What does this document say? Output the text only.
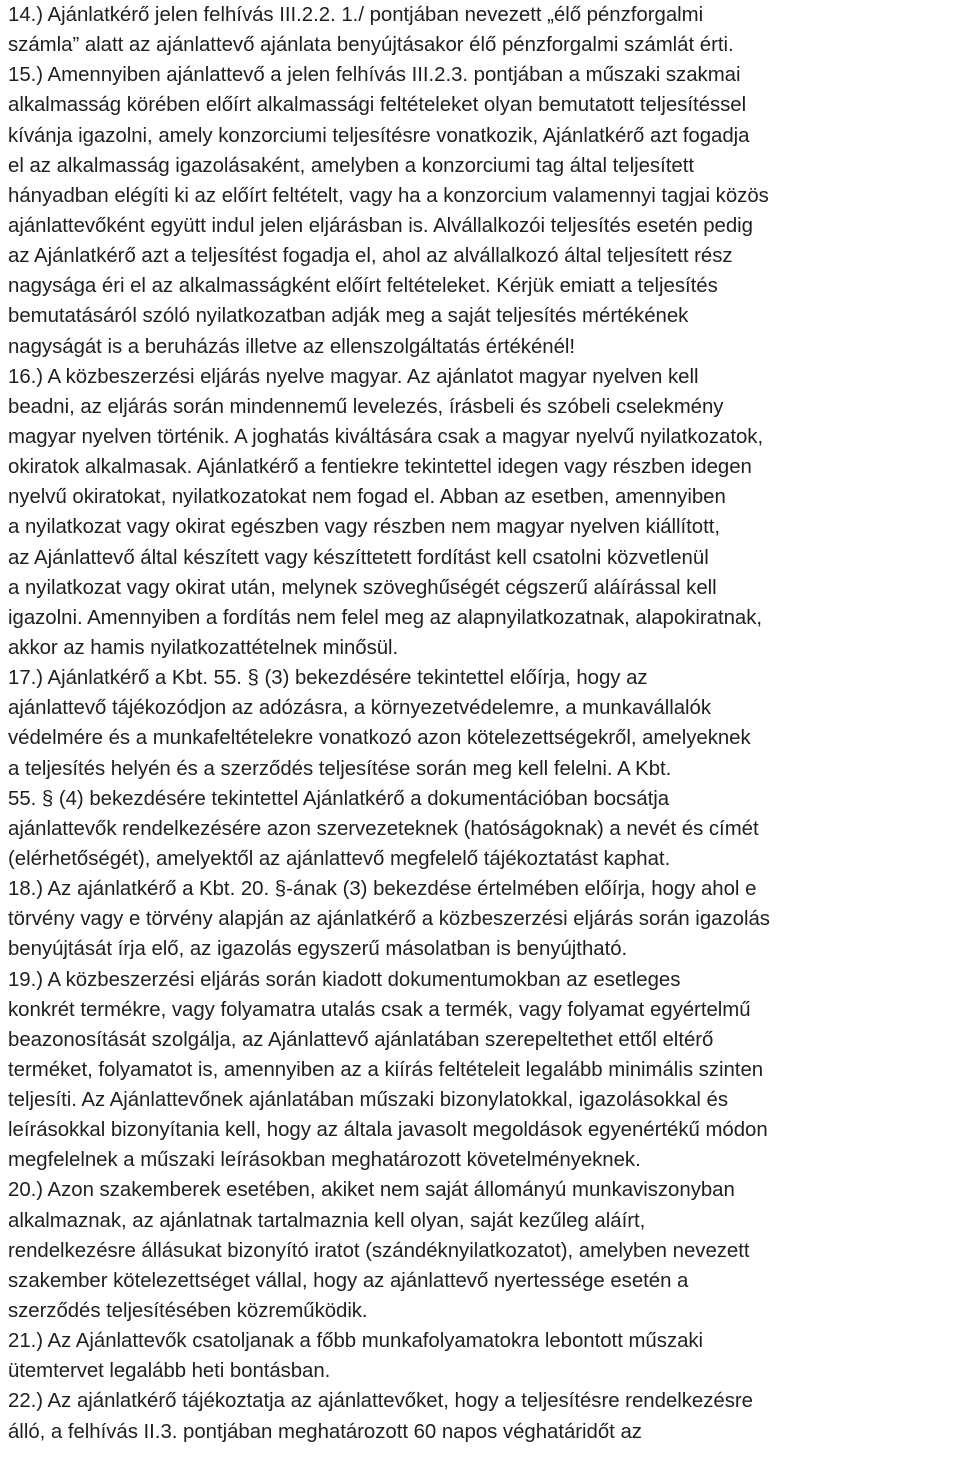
14.) Ajánlatkérő jelen felhívás III.2.2. 1./ pontjában nevezett „élő pénzforgalmi
számla” alatt az ajánlattevő ajánlata benyújtásakor élő pénzforgalmi számlát érti.
15.) Amennyiben ajánlattevő a jelen felhívás III.2.3. pontjában a műszaki szakmai
alkalmasság körében előírt alkalmassági feltételeket olyan bemutatott teljesítéssel
kívánja igazolni, amely konzorciumi teljesítésre vonatkozik, Ajánlatkérő azt fogadja
el az alkalmasság igazolásaként, amelyben a konzorciumi tag által teljesített
hányadban elégíti ki az előírt feltételt, vagy ha a konzorcium valamennyi tagjai közös
ajánlattevőként együtt indul jelen eljárásban is. Alvállalkozói teljesítés esetén pedig
az Ajánlatkérő azt a teljesítést fogadja el, ahol az alvállalkozó által teljesített rész
nagysága éri el az alkalmasságként előírt feltételeket. Kérjük emiatt a teljesítés
bemutatásáról szóló nyilatkozatban adják meg a saját teljesítés mértékének
nagyságát is a beruházás illetve az ellenszolgáltatás értékénél!
16.) A közbeszerzési eljárás nyelve magyar. Az ajánlatot magyar nyelven kell
beadni, az eljárás során mindennemű levelezés, írásbeli és szóbeli cselekmény
magyar nyelven történik. A joghatás kiváltására csak a magyar nyelvű nyilatkozatok,
okiratok alkalmasak. Ajánlatkérő a fentiekre tekintettel idegen vagy részben idegen
nyelvű okiratokat, nyilatkozatokat nem fogad el. Abban az esetben, amennyiben
a nyilatkozat vagy okirat egészben vagy részben nem magyar nyelven kiállított,
az Ajánlattevő által készített vagy készíttetett fordítást kell csatolni közvetlenül
a nyilatkozat vagy okirat után, melynek szöveghűségét cégszerű aláírással kell
igazolni. Amennyiben a fordítás nem felel meg az alapnyilatkozatnak, alapokiratnak,
akkor az hamis nyilatkozattételnek minősül.
17.) Ajánlatkérő a Kbt. 55. § (3) bekezdésére tekintettel előírja, hogy az
ajánlattevő tájékozódjon az adózásra, a környezetvédelemre, a munkavállalók
védelmére és a munkafeltételekre vonatkozó azon kötelezettségekről, amelyeknek
a teljesítés helyén és a szerződés teljesítése során meg kell felelni. A Kbt.
55. § (4) bekezdésére tekintettel Ajánlatkérő a dokumentációban bocsátja
ajánlattevők rendelkezésére azon szervezeteknek (hatóságoknak) a nevét és címét
(elérhetőségét), amelyektől az ajánlattevő megfelelő tájékoztatást kaphat.
18.) Az ajánlatkérő a Kbt. 20. §-ának (3) bekezdése értelmében előírja, hogy ahol e
törvény vagy e törvény alapján az ajánlatkérő a közbeszerzési eljárás során igazolás
benyújtását írja elő, az igazolás egyszerű másolatban is benyújtható.
19.) A közbeszerzési eljárás során kiadott dokumentumokban az esetleges
konkrét termékre, vagy folyamatra utalás csak a termék, vagy folyamat egyértelmű
beazonosítását szolgálja, az Ajánlattevő ajánlatában szerepeltethet ettől eltérő
terméket, folyamatot is, amennyiben az a kiírás feltételeit legalább minimális szinten
teljesíti. Az Ajánlattevőnek ajánlatában műszaki bizonylatokkal, igazolásokkal és
leírásokkal bizonyítania kell, hogy az általa javasolt megoldások egyenértékű módon
megfelelnek a műszaki leírásokban meghatározott követelményeknek.
20.) Azon szakemberek esetében, akiket nem saját állományú munkaviszonyban
alkalmaznak, az ajánlatnak tartalmaznia kell olyan, saját kezűleg aláírt,
rendelkezésre állásukat bizonyító iratot (szándéknyilatkozatot), amelyben nevezett
szakember kötelezettséget vállal, hogy az ajánlattevő nyertessége esetén a
szerződés teljesítésében közreműködik.
21.) Az Ajánlattevők csatoljanak a főbb munkafolyamatokra lebontott műszaki
ütemtervet legalább heti bontásban.
22.) Az ajánlatkérő tájékoztatja az ajánlattevőket, hogy a teljesítésre rendelkezésre
álló, a felhívás II.3. pontjában meghatározott 60 napos véghatáridőt az
